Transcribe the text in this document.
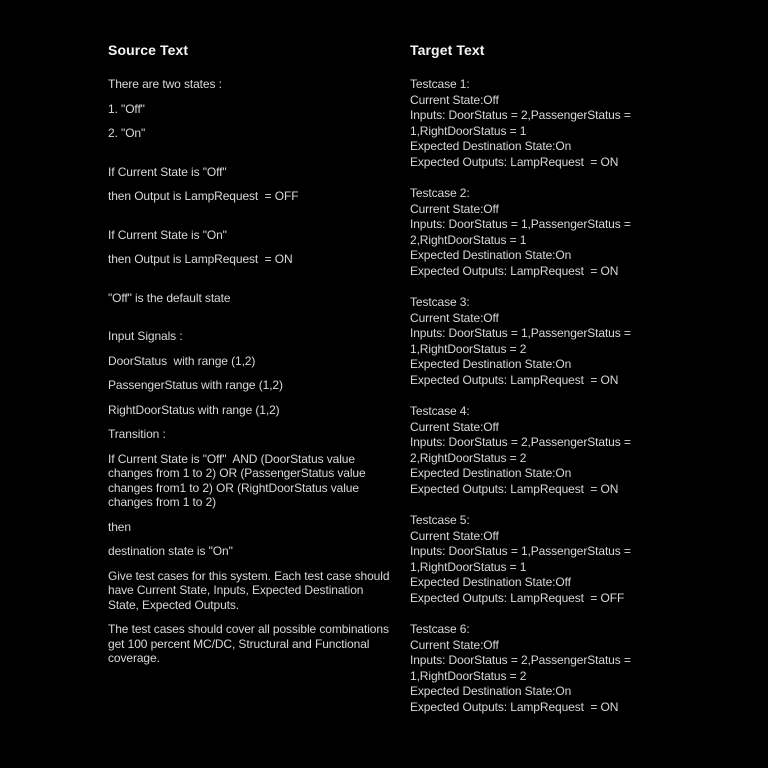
Source Text

There are two states :

1. "Off"

2. "On"

If Current State is "Off"

then Output is LampRequest  = OFF

If Current State is "On"

then Output is LampRequest  = ON

"Off" is the default state

Input Signals :

DoorStatus  with range (1,2)

PassengerStatus with range (1,2)

RightDoorStatus with range (1,2)

Transition :

If Current State is "Off"  AND (DoorStatus value changes from 1 to 2) OR (PassengerStatus value changes from1 to 2) OR (RightDoorStatus value changes from 1 to 2)

then

destination state is "On"

Give test cases for this system. Each test case should have Current State, Inputs, Expected Destination State, Expected Outputs.

The test cases should cover all possible combinations get 100 percent MC/DC, Structural and Functional coverage.

Target Text
Testcase 1:
Current State:Off
Inputs: DoorStatus = 2,PassengerStatus =
1,RightDoorStatus = 1
Expected Destination State:On
Expected Outputs: LampRequest  = ON
Testcase 2:
Current State:Off
Inputs: DoorStatus = 1,PassengerStatus =
2,RightDoorStatus = 1
Expected Destination State:On
Expected Outputs: LampRequest  = ON
Testcase 3:
Current State:Off
Inputs: DoorStatus = 1,PassengerStatus =
1,RightDoorStatus = 2
Expected Destination State:On
Expected Outputs: LampRequest  = ON
Testcase 4:
Current State:Off
Inputs: DoorStatus = 2,PassengerStatus =
2,RightDoorStatus = 2
Expected Destination State:On
Expected Outputs: LampRequest  = ON
Testcase 5:
Current State:Off
Inputs: DoorStatus = 1,PassengerStatus =
1,RightDoorStatus = 1
Expected Destination State:Off
Expected Outputs: LampRequest  = OFF
Testcase 6:
Current State:Off
Inputs: DoorStatus = 2,PassengerStatus =
1,RightDoorStatus = 2
Expected Destination State:On
Expected Outputs: LampRequest  = ON
